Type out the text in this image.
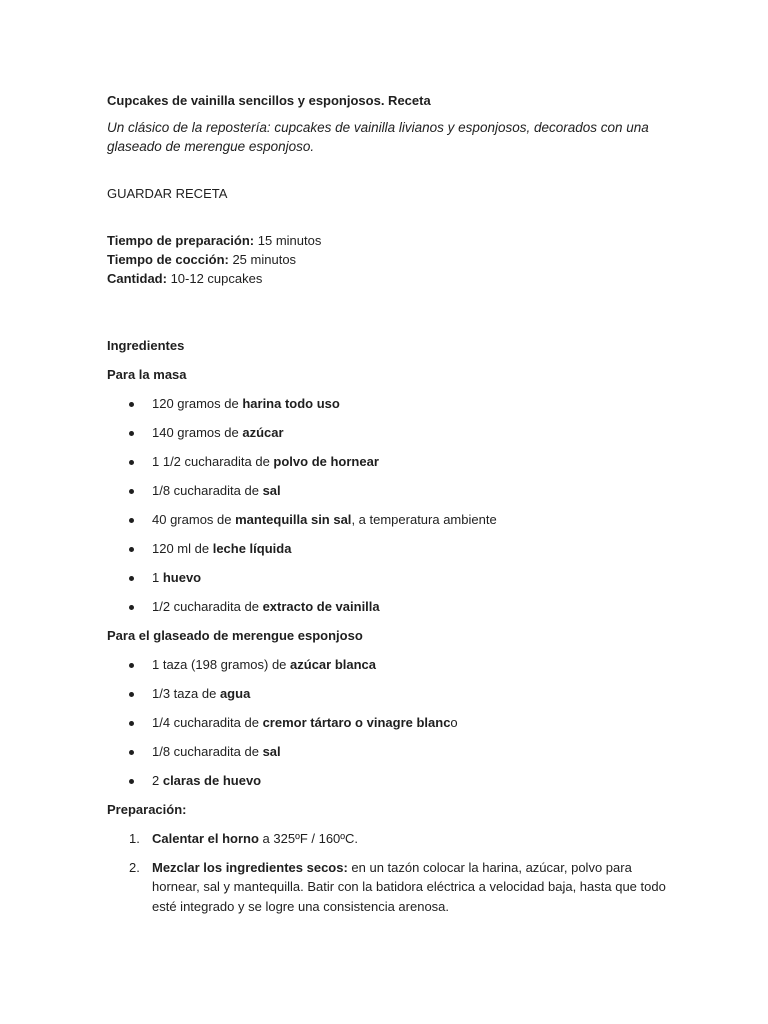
Cupcakes de vainilla sencillos y esponjosos. Receta

Un clásico de la repostería: cupcakes de vainilla livianos y esponjosos, decorados con una glaseado de merengue esponjoso.

GUARDAR RECETA
Tiempo de preparación: 15 minutos
Tiempo de cocción: 25 minutos
Cantidad: 10-12 cupcakes
Ingredientes
Para la masa
120 gramos de harina todo uso
140 gramos de azúcar
1 1/2 cucharadita de polvo de hornear
1/8 cucharadita de sal
40 gramos de mantequilla sin sal, a temperatura ambiente
120 ml de leche líquida
1 huevo
1/2 cucharadita de extracto de vainilla
Para el glaseado de merengue esponjoso
1 taza (198 gramos) de azúcar blanca
1/3 taza de agua
1/4 cucharadita de cremor tártaro o vinagre blanco
1/8 cucharadita de sal
2 claras de huevo
Preparación:
1. Calentar el horno a 325ºF / 160ºC.
2. Mezclar los ingredientes secos: en un tazón colocar la harina, azúcar, polvo para hornear, sal y mantequilla. Batir con la batidora eléctrica a velocidad baja, hasta que todo esté integrado y se logre una consistencia arenosa.
